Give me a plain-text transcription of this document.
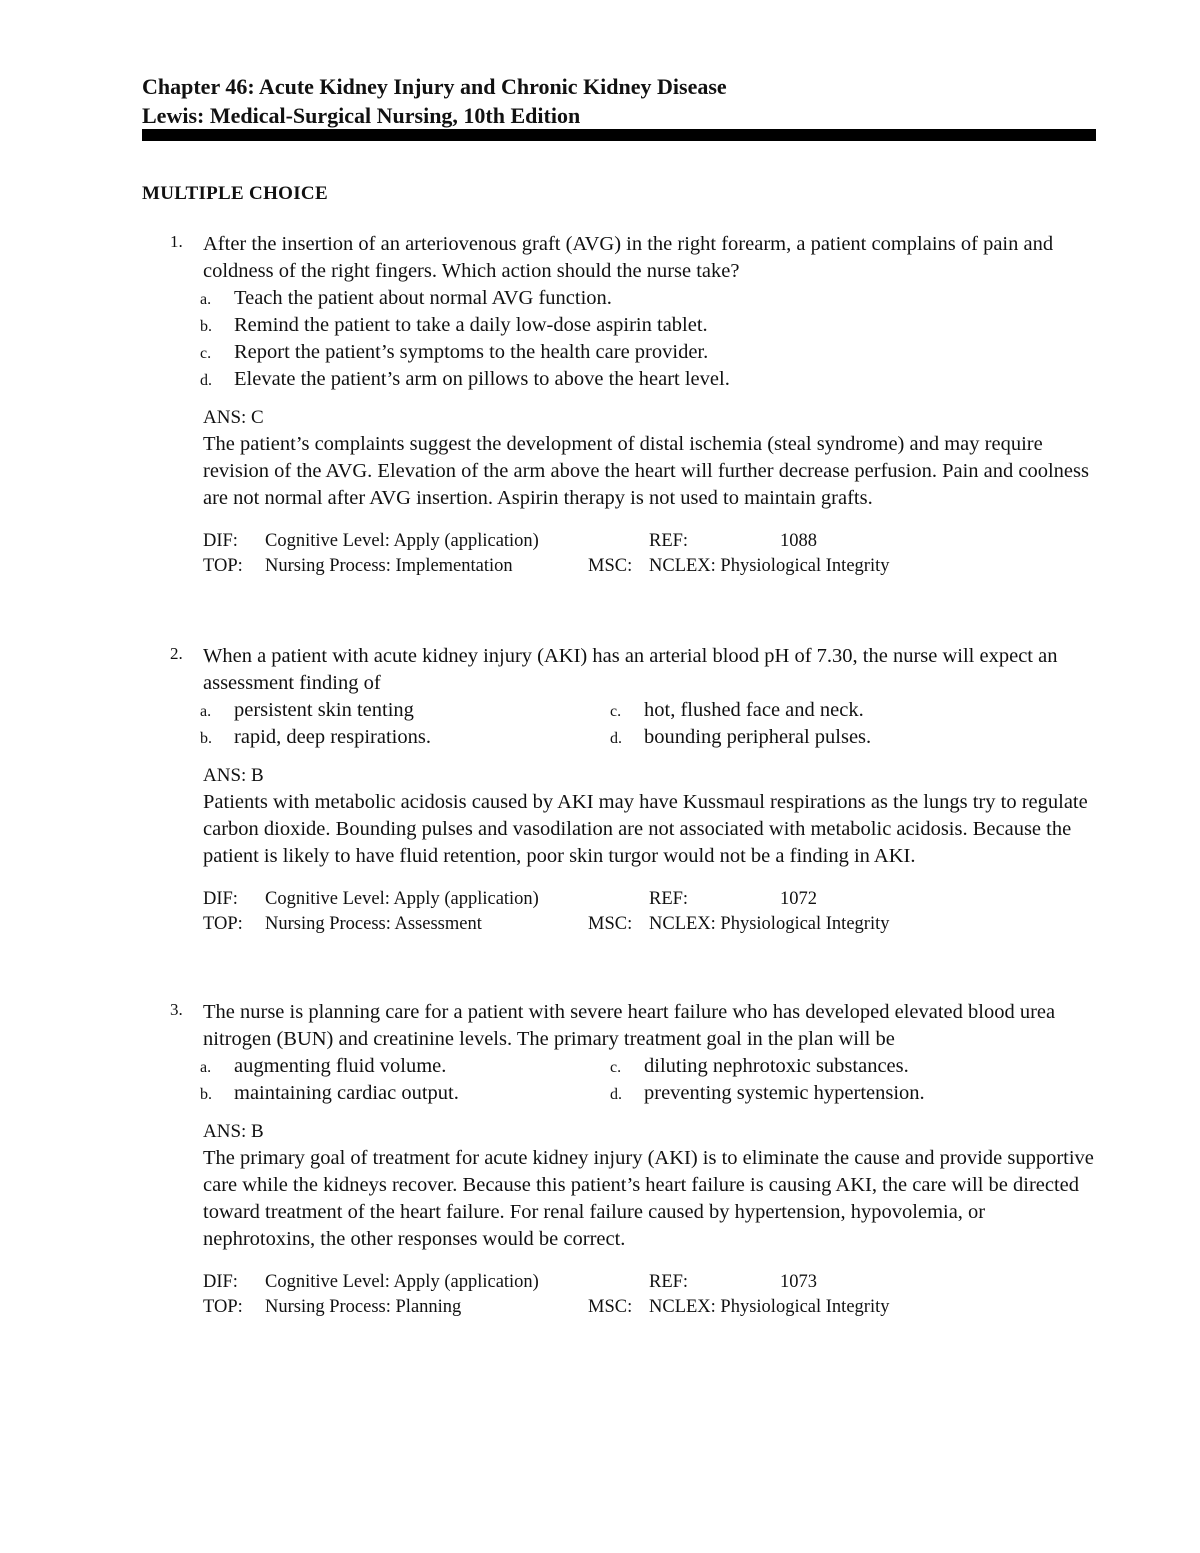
Chapter 46: Acute Kidney Injury and Chronic Kidney Disease
Lewis: Medical-Surgical Nursing, 10th Edition
MULTIPLE CHOICE
1. After the insertion of an arteriovenous graft (AVG) in the right forearm, a patient complains of pain and coldness of the right fingers. Which action should the nurse take?
a. Teach the patient about normal AVG function.
b. Remind the patient to take a daily low-dose aspirin tablet.
c. Report the patient’s symptoms to the health care provider.
d. Elevate the patient’s arm on pillows to above the heart level.
ANS: C
The patient’s complaints suggest the development of distal ischemia (steal syndrome) and may require revision of the AVG. Elevation of the arm above the heart will further decrease perfusion. Pain and coolness are not normal after AVG insertion. Aspirin therapy is not used to maintain grafts.
DIF: Cognitive Level: Apply (application)	REF:	1088
TOP: Nursing Process: Implementation	MSC: NCLEX: Physiological Integrity
2. When a patient with acute kidney injury (AKI) has an arterial blood pH of 7.30, the nurse will expect an assessment finding of
a. persistent skin tenting
b. rapid, deep respirations.
c. hot, flushed face and neck.
d. bounding peripheral pulses.
ANS: B
Patients with metabolic acidosis caused by AKI may have Kussmaul respirations as the lungs try to regulate carbon dioxide. Bounding pulses and vasodilation are not associated with metabolic acidosis. Because the patient is likely to have fluid retention, poor skin turgor would not be a finding in AKI.
DIF: Cognitive Level: Apply (application)	REF:	1072
TOP: Nursing Process: Assessment	MSC: NCLEX: Physiological Integrity
3. The nurse is planning care for a patient with severe heart failure who has developed elevated blood urea nitrogen (BUN) and creatinine levels. The primary treatment goal in the plan will be
a. augmenting fluid volume.
b. maintaining cardiac output.
c. diluting nephrotoxic substances.
d. preventing systemic hypertension.
ANS: B
The primary goal of treatment for acute kidney injury (AKI) is to eliminate the cause and provide supportive care while the kidneys recover. Because this patient’s heart failure is causing AKI, the care will be directed toward treatment of the heart failure. For renal failure caused by hypertension, hypovolemia, or nephrotoxins, the other responses would be correct.
DIF: Cognitive Level: Apply (application)	REF:	1073
TOP: Nursing Process: Planning	MSC: NCLEX: Physiological Integrity
